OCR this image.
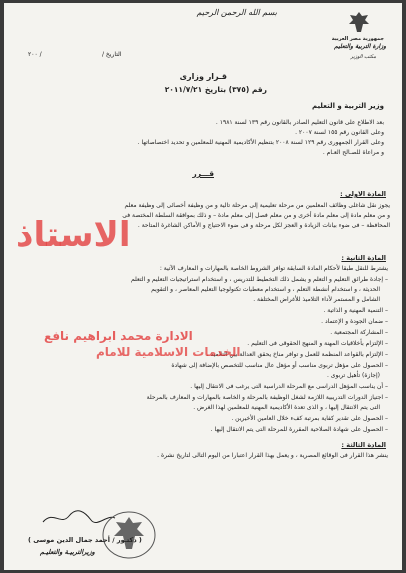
بسم الله الرحمن الرحيم
جمهورية مصر العربية
وزارة التربية والتعليم
مكتب الوزير
التاريخ /
/ ٢٠٠
قـرار وزارى
رقم (٣٧٥) بتاريخ ٢٠١١/٧/٢١
وزير التربية و التعليم
بعد الاطلاع على قانون التعليم الصادر بالقانون رقم ١٣٩ لسنة ١٩٨١ .
وعلى القانون رقم ١٥٥ لسنة ٢٠٠٧ .
وعلى القرار الجمهورى رقم ١٢٩ لسنة ٢٠٠٨ بتنظيم الأكاديمية المهنية للمعلمين و تحديد اختصاصاتها .
و مراعاة للصـالح العـام .
قـــرر
المادة الاولى :
يجوز نقل شاغلى وظائف المعلمين من مرحلة تعليمية إلى مرحلة تالية و من وظيفة أخصائى إلى وظيفة معلم
و من معلم مادة إلى معلم مادة أخرى و من معلم فصل إلى معلم مادة – و ذلك بموافقة السلطة المختصة فى
المحافظة – فى ضوء بيانات الزيادة و العجز لكل مرحلة و فى ضوء الاحتياج و الأماكن الشاغرة المتاحة .
المادة الثانية :
يشترط للنقل طبقا لأحكام المادة السابقة توافر الشروط الخاصة بالمهارات و المعارف الآتية :
– إجادة طرائق التعليم و التعلم و يشمل ذلك التخطيط للتدريس ، و استخدام استراتيجيات التعليم و التعلم
الحديثة ، و استخدام أنشطة التعلم ، و استخدام معطيات تكنولوجيا التعليم المعاصر ، و التقويم
الشامل و المستمر لأداء التلاميذ للأغراض المختلفة .
– التنمية المهنية و الذاتية .
– ضمان الجودة و الإعتماد .
– المشاركة المجتمعية .
– الإلتزام بأخلاقيات المهنة و المنهج الحقوقى فى التعليم .
– الإلتزام بالقواعد المنظمة للعمل و توافر مناخ يحقق العدالة بين التلاميذ .
– الحصول على مؤهل تربوى مناسب أو مؤهل عال مناسب للتخصص بالإضافة إلى شهادة
(إجازة) تأهيل تربوى .
– أن يناسب المؤهل الدراسى مع المرحلة الدراسية التى يرغب فى الانتقال إليها .
– اجتياز الدورات التدريبية اللازمة لشغل الوظيفة بالمرحلة و الخاصة بالمهارات و المعارف بالمرحلة
التى يتم الانتقال إليها ، و الذى تعدة الأكاديمية المهنية للمعلمين لهذا الغرض .
– الحصول على تقدير كفاية بمرتبة كفء خلال العامين الأخيرين .
– الحصول على شهادة الصلاحية المقررة للمرحلة التى يتم الانتقال إليها .
المادة الثالثة :
ينشر هذا القرار فى الوقائع المصرية ، و يعمل بهذا القرار اعتبارا من اليوم التالى لتاريخ نشرة .
( دكتـور / أحمد جمال الدين موسى )
وزيرالتربيـة والتعليـم
الاستاذ
الادارة محمد ابراهيم نافع
الخدمات الاسلامية للامام
